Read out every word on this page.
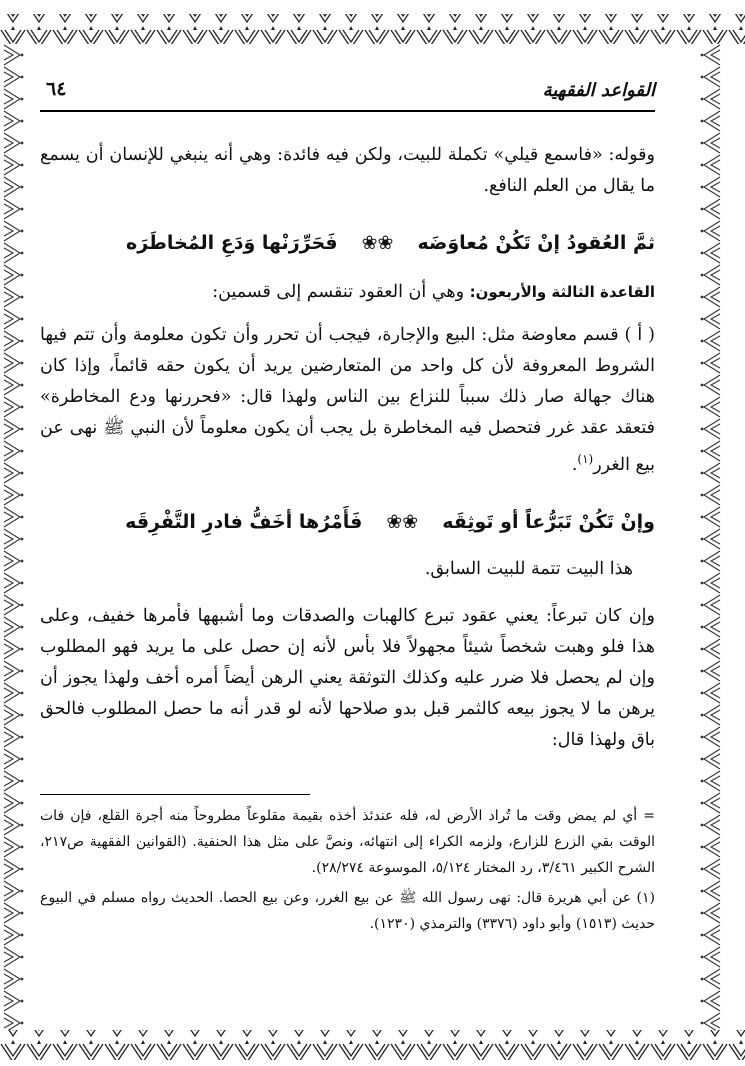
القواعد الفقهية
٦٤

وقوله: «فاسمع قيلي» تكملة للبيت، ولكن فيه فائدة: وهي أنه ينبغي للإنسان أن يسمع ما يقال من العلم النافع.

ثمَّ العُقودُ إنْ تَكُنْ مُعاوَضَه❀❀فَحَرِّرَنْها وَدَعِ المُخاطَرَه

القاعدة الثالثة والأربعون: وهي أن العقود تنقسم إلى قسمين:

( أ ) قسم معاوضة مثل: البيع والإجارة، فيجب أن تحرر وأن تكون معلومة وأن تتم فيها الشروط المعروفة لأن كل واحد من المتعارضين يريد أن يكون حقه قائماً، وإذا كان هناك جهالة صار ذلك سبباً للنزاع بين الناس ولهذا قال: «فحررنها ودع المخاطرة» فتعقد عقد غرر فتحصل فيه المخاطرة بل يجب أن يكون معلوماً لأن النبي ﷺ نهى عن بيع الغرر$^{(١)}$.

وإنْ تَكُنْ تَبَرُّعاً أو تَوثِقَه❀❀فَأَمْرُها أخَفُّ فادرِ التَّفْرِقَه

هذا البيت تتمة للبيت السابق.

وإن كان تبرعاً: يعني عقود تبرع كالهبات والصدقات وما أشبهها فأمرها خفيف، وعلى هذا فلو وهبت شخصاً شيئاً مجهولاً فلا بأس لأنه إن حصل على ما يريد فهو المطلوب وإن لم يحصل فلا ضرر عليه وكذلك التوثقة يعني الرهن أيضاً أمره أخف ولهذا يجوز أن يرهن ما لا يجوز بيعه كالثمر قبل بدو صلاحها لأنه لو قدر أنه ما حصل المطلوب فالحق باق ولهذا قال:

= أي لم يمض وقت ما تُراد الأرض له، فله عندئذ أخذه بقيمة مقلوعاً مطروحاً منه أجرة القلع، فإن فات الوقت بقي الزرع للزارع، ولزمه الكراء إلى انتهائه، ونصَّ على مثل هذا الحنفية. (القوانين الفقهية ص٢١٧، الشرح الكبير ٣/٤٦١، رد المختار ٥/١٢٤، الموسوعة ٢٨/٢٧٤).

(١) عن أبي هريرة قال: نهى رسول الله ﷺ عن بيع الغرر، وعن بيع الحصا. الحديث رواه مسلم في البيوع حديث (١٥١٣) وأبو داود (٣٣٧٦) والترمذي (١٢٣٠).
